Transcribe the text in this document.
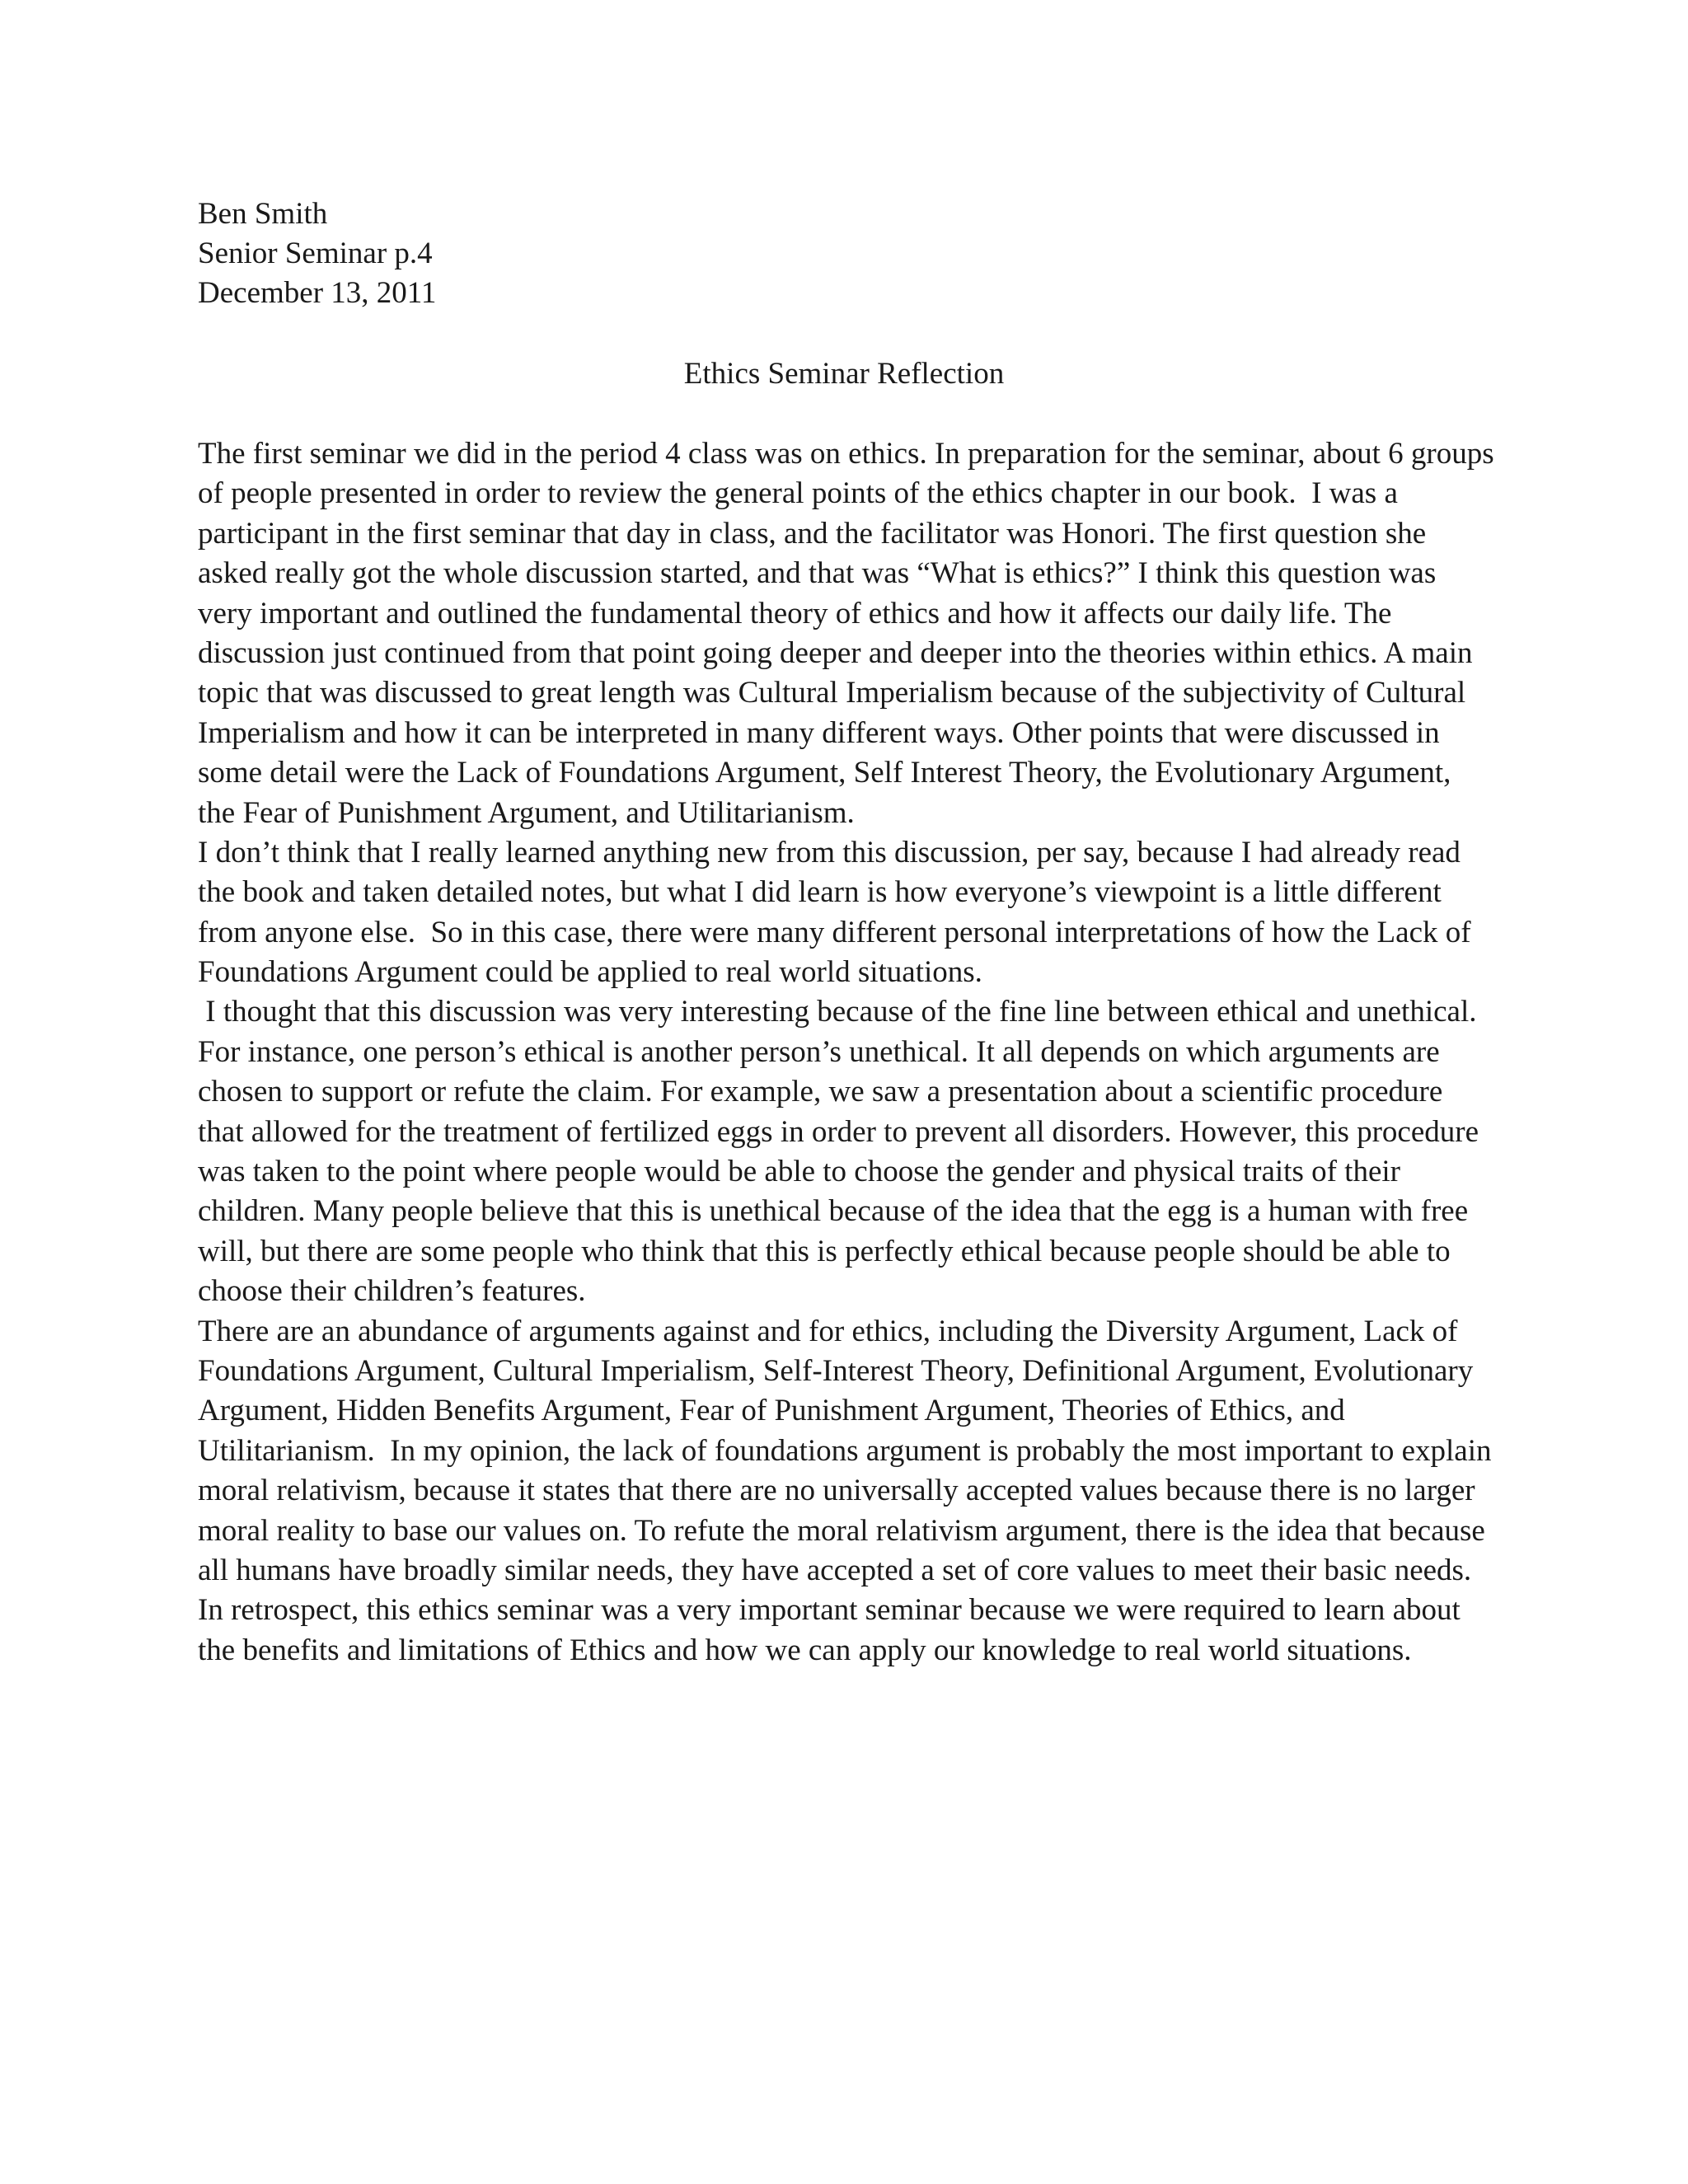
Ben Smith
Senior Seminar p.4
December 13, 2011
Ethics Seminar Reflection
The first seminar we did in the period 4 class was on ethics. In preparation for the seminar, about 6 groups
of people presented in order to review the general points of the ethics chapter in our book.  I was a
participant in the first seminar that day in class, and the facilitator was Honori. The first question she
asked really got the whole discussion started, and that was “What is ethics?” I think this question was
very important and outlined the fundamental theory of ethics and how it affects our daily life. The
discussion just continued from that point going deeper and deeper into the theories within ethics. A main
topic that was discussed to great length was Cultural Imperialism because of the subjectivity of Cultural
Imperialism and how it can be interpreted in many different ways. Other points that were discussed in
some detail were the Lack of Foundations Argument, Self Interest Theory, the Evolutionary Argument,
the Fear of Punishment Argument, and Utilitarianism.
I don’t think that I really learned anything new from this discussion, per say, because I had already read
the book and taken detailed notes, but what I did learn is how everyone’s viewpoint is a little different
from anyone else.  So in this case, there were many different personal interpretations of how the Lack of
Foundations Argument could be applied to real world situations.
I thought that this discussion was very interesting because of the fine line between ethical and unethical.
For instance, one person’s ethical is another person’s unethical. It all depends on which arguments are
chosen to support or refute the claim. For example, we saw a presentation about a scientific procedure
that allowed for the treatment of fertilized eggs in order to prevent all disorders. However, this procedure
was taken to the point where people would be able to choose the gender and physical traits of their
children. Many people believe that this is unethical because of the idea that the egg is a human with free
will, but there are some people who think that this is perfectly ethical because people should be able to
choose their children’s features.
There are an abundance of arguments against and for ethics, including the Diversity Argument, Lack of
Foundations Argument, Cultural Imperialism, Self-Interest Theory, Definitional Argument, Evolutionary
Argument, Hidden Benefits Argument, Fear of Punishment Argument, Theories of Ethics, and
Utilitarianism.  In my opinion, the lack of foundations argument is probably the most important to explain
moral relativism, because it states that there are no universally accepted values because there is no larger
moral reality to base our values on. To refute the moral relativism argument, there is the idea that because
all humans have broadly similar needs, they have accepted a set of core values to meet their basic needs.
In retrospect, this ethics seminar was a very important seminar because we were required to learn about
the benefits and limitations of Ethics and how we can apply our knowledge to real world situations.
